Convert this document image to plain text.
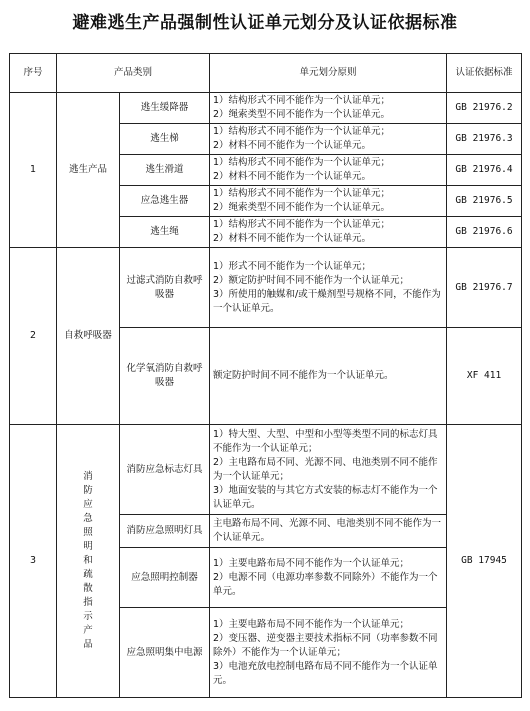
避难逃生产品强制性认证单元划分及认证依据标准
序号	产品类别		单元划分原则	认证依据标准
1	逃生产品	逃生缓降器	1）结构形式不同不能作为一个认证单元；
2）绳索类型不同不能作为一个认证单元。	GB 21976.2
		逃生梯	1）结构形式不同不能作为一个认证单元；
2）材料不同不能作为一个认证单元。	GB 21976.3
		逃生滑道	1）结构形式不同不能作为一个认证单元；
2）材料不同不能作为一个认证单元。	GB 21976.4
		应急逃生器	1）结构形式不同不能作为一个认证单元；
2）绳索类型不同不能作为一个认证单元。	GB 21976.5
		逃生绳	1）结构形式不同不能作为一个认证单元；
2）材料不同不能作为一个认证单元。	GB 21976.6
2	自救呼吸器	过滤式消防自救呼吸器	1）形式不同不能作为一个认证单元；
2）额定防护时间不同不能作为一个认证单元；
3）所使用的触媒和/或干燥剂型号规格不同，不能作为一个认证单元。	GB 21976.7
		化学氧消防自救呼吸器	额定防护时间不同不能作为一个认证单元。	XF 411
3	消防应急照明和疏散指示产品	消防应急标志灯具	1）特大型、大型、中型和小型等类型不同的标志灯具不能作为一个认证单元；
2）主电路布局不同、光源不同、电池类别不同不能作为一个认证单元；
3）地面安装的与其它方式安装的标志灯不能作为一个认证单元。	GB 17945
		消防应急照明灯具	主电路布局不同、光源不同、电池类别不同不能作为一个认证单元。	

		应急照明控制器	1）主要电路布局不同不能作为一个认证单元；
2）电源不同（电源功率参数不同除外）不能作为一个单元。	

		应急照明集中电源	1）主要电路布局不同不能作为一个认证单元；
2）变压器、逆变器主要技术指标不同（功率参数不同除外）不能作为一个认证单元；
3）电池充放电控制电路布局不同不能作为一个认证单元。	
